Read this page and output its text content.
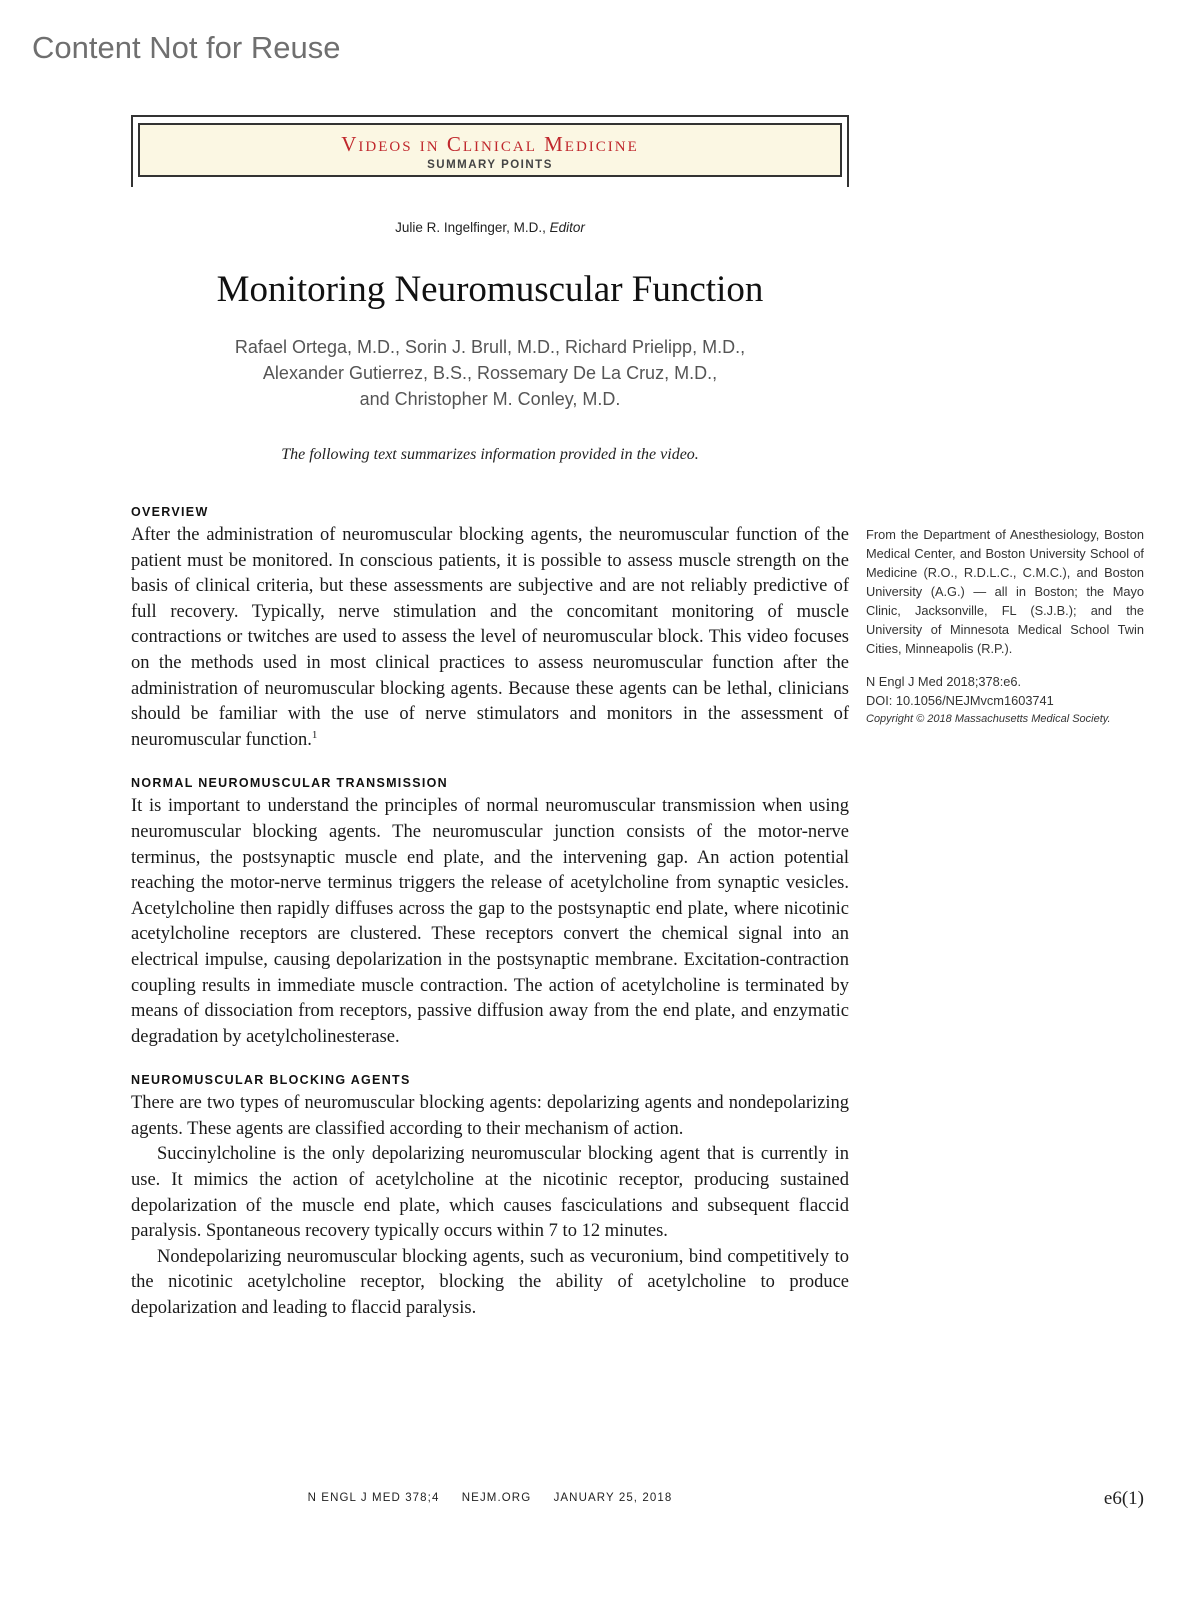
Content Not for Reuse
Videos in Clinical Medicine
SUMMARY POINTS
Julie R. Ingelfinger, M.D., Editor
Monitoring Neuromuscular Function
Rafael Ortega, M.D., Sorin J. Brull, M.D., Richard Prielipp, M.D.,
Alexander Gutierrez, B.S., Rossemary De La Cruz, M.D.,
and Christopher M. Conley, M.D.
The following text summarizes information provided in the video.
OVERVIEW

After the administration of neuromuscular blocking agents, the neuromuscular function of the patient must be monitored. In conscious patients, it is possible to assess muscle strength on the basis of clinical criteria, but these assessments are subjective and are not reliably predictive of full recovery. Typically, nerve stimulation and the concomitant monitoring of muscle contractions or twitches are used to assess the level of neuromuscular block. This video focuses on the methods used in most clinical practices to assess neuromuscular function after the administration of neuromuscular blocking agents. Because these agents can be lethal, clinicians should be familiar with the use of nerve stimulators and monitors in the assessment of neuromuscular function.$^1$

NORMAL NEUROMUSCULAR TRANSMISSION

It is important to understand the principles of normal neuromuscular transmission when using neuromuscular blocking agents. The neuromuscular junction consists of the motor-nerve terminus, the postsynaptic muscle end plate, and the intervening gap. An action potential reaching the motor-nerve terminus triggers the release of acetylcholine from synaptic vesicles. Acetylcholine then rapidly diffuses across the gap to the postsynaptic end plate, where nicotinic acetylcholine receptors are clustered. These receptors convert the chemical signal into an electrical impulse, causing depolarization in the postsynaptic membrane. Excitation-contraction coupling results in immediate muscle contraction. The action of acetylcholine is terminated by means of dissociation from receptors, passive diffusion away from the end plate, and enzymatic degradation by acetylcholinesterase.

NEUROMUSCULAR BLOCKING AGENTS

There are two types of neuromuscular blocking agents: depolarizing agents and nondepolarizing agents. These agents are classified according to their mechanism of action.

Succinylcholine is the only depolarizing neuromuscular blocking agent that is currently in use. It mimics the action of acetylcholine at the nicotinic receptor, producing sustained depolarization of the muscle end plate, which causes fasciculations and subsequent flaccid paralysis. Spontaneous recovery typically occurs within 7 to 12 minutes.

Nondepolarizing neuromuscular blocking agents, such as vecuronium, bind competitively to the nicotinic acetylcholine receptor, blocking the ability of acetylcholine to produce depolarization and leading to flaccid paralysis.

From the Department of Anesthesiology, Boston Medical Center, and Boston University School of Medicine (R.O., R.D.L.C., C.M.C.), and Boston University (A.G.) — all in Boston; the Mayo Clinic, Jacksonville, FL (S.J.B.); and the University of Minnesota Medical School Twin Cities, Minneapolis (R.P.).

N Engl J Med 2018;378:e6.

DOI: 10.1056/NEJMvcm1603741

Copyright © 2018 Massachusetts Medical Society.

N ENGL J MED 378;4 NEJM.ORG JANUARY 25, 2018	e6(1)
